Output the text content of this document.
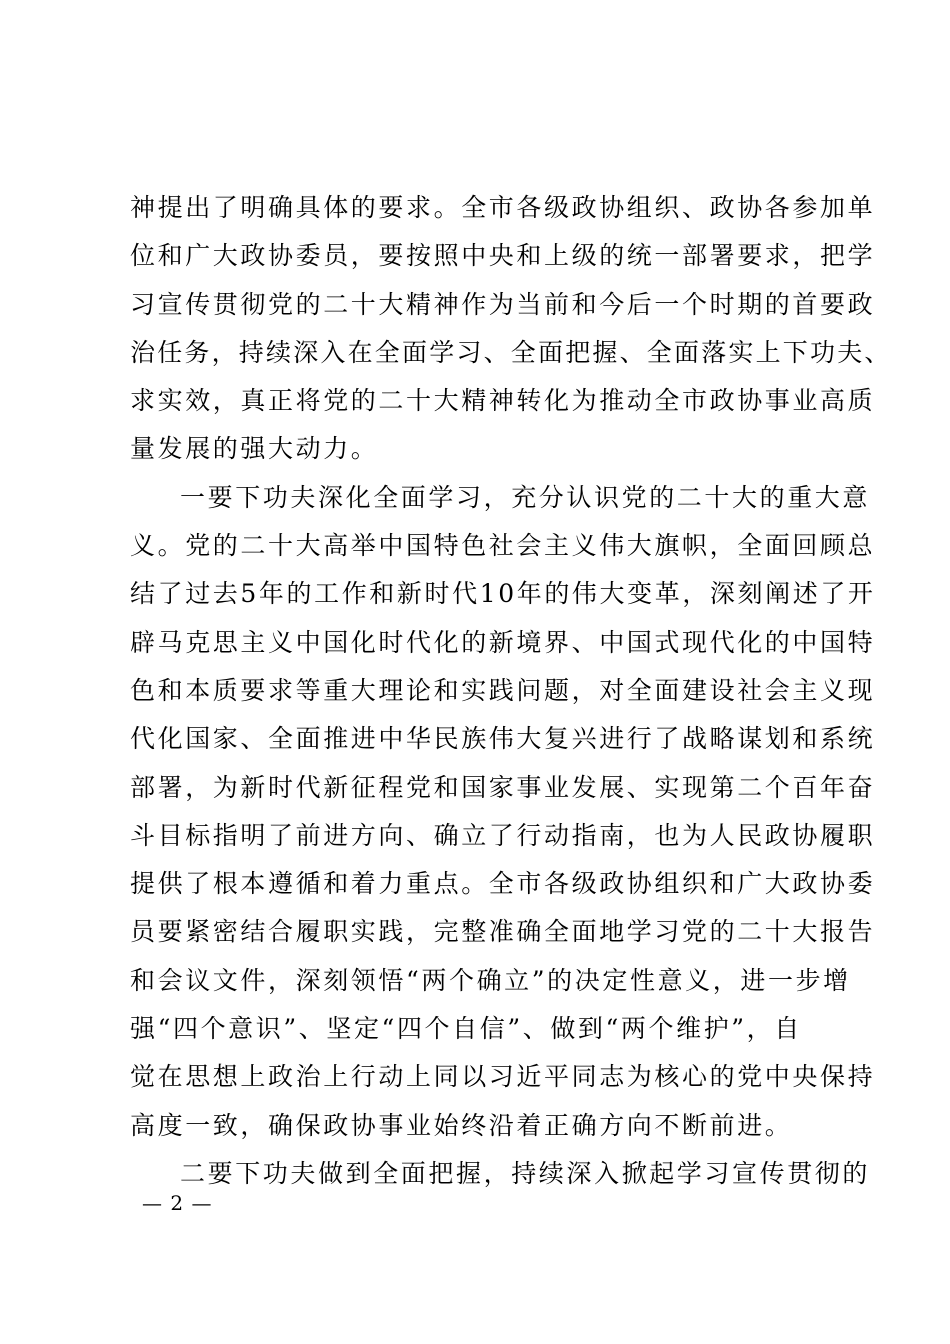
神提出了明确具体的要求。全市各级政协组织、政协各参加单
位和广大政协委员，要按照中央和上级的统一部署要求，把学
习宣传贯彻党的二十大精神作为当前和今后一个时期的首要政
治任务，持续深入在全面学习、全面把握、全面落实上下功夫、
求实效，真正将党的二十大精神转化为推动全市政协事业高质
量发展的强大动力。
一要下功夫深化全面学习，充分认识党的二十大的重大意
义。党的二十大高举中国特色社会主义伟大旗帜，全面回顾总
结了过去5年的工作和新时代10年的伟大变革，深刻阐述了开
辟马克思主义中国化时代化的新境界、中国式现代化的中国特
色和本质要求等重大理论和实践问题，对全面建设社会主义现
代化国家、全面推进中华民族伟大复兴进行了战略谋划和系统
部署，为新时代新征程党和国家事业发展、实现第二个百年奋
斗目标指明了前进方向、确立了行动指南，也为人民政协履职
提供了根本遵循和着力重点。全市各级政协组织和广大政协委
员要紧密结合履职实践，完整准确全面地学习党的二十大报告
和会议文件，深刻领悟“两个确立”的决定性意义，进一步增
强“四个意识”、坚定“四个自信”、做到“两个维护”，自
觉在思想上政治上行动上同以习近平同志为核心的党中央保持
高度一致，确保政协事业始终沿着正确方向不断前进。
二要下功夫做到全面把握，持续深入掀起学习宣传贯彻的
— 2 —
